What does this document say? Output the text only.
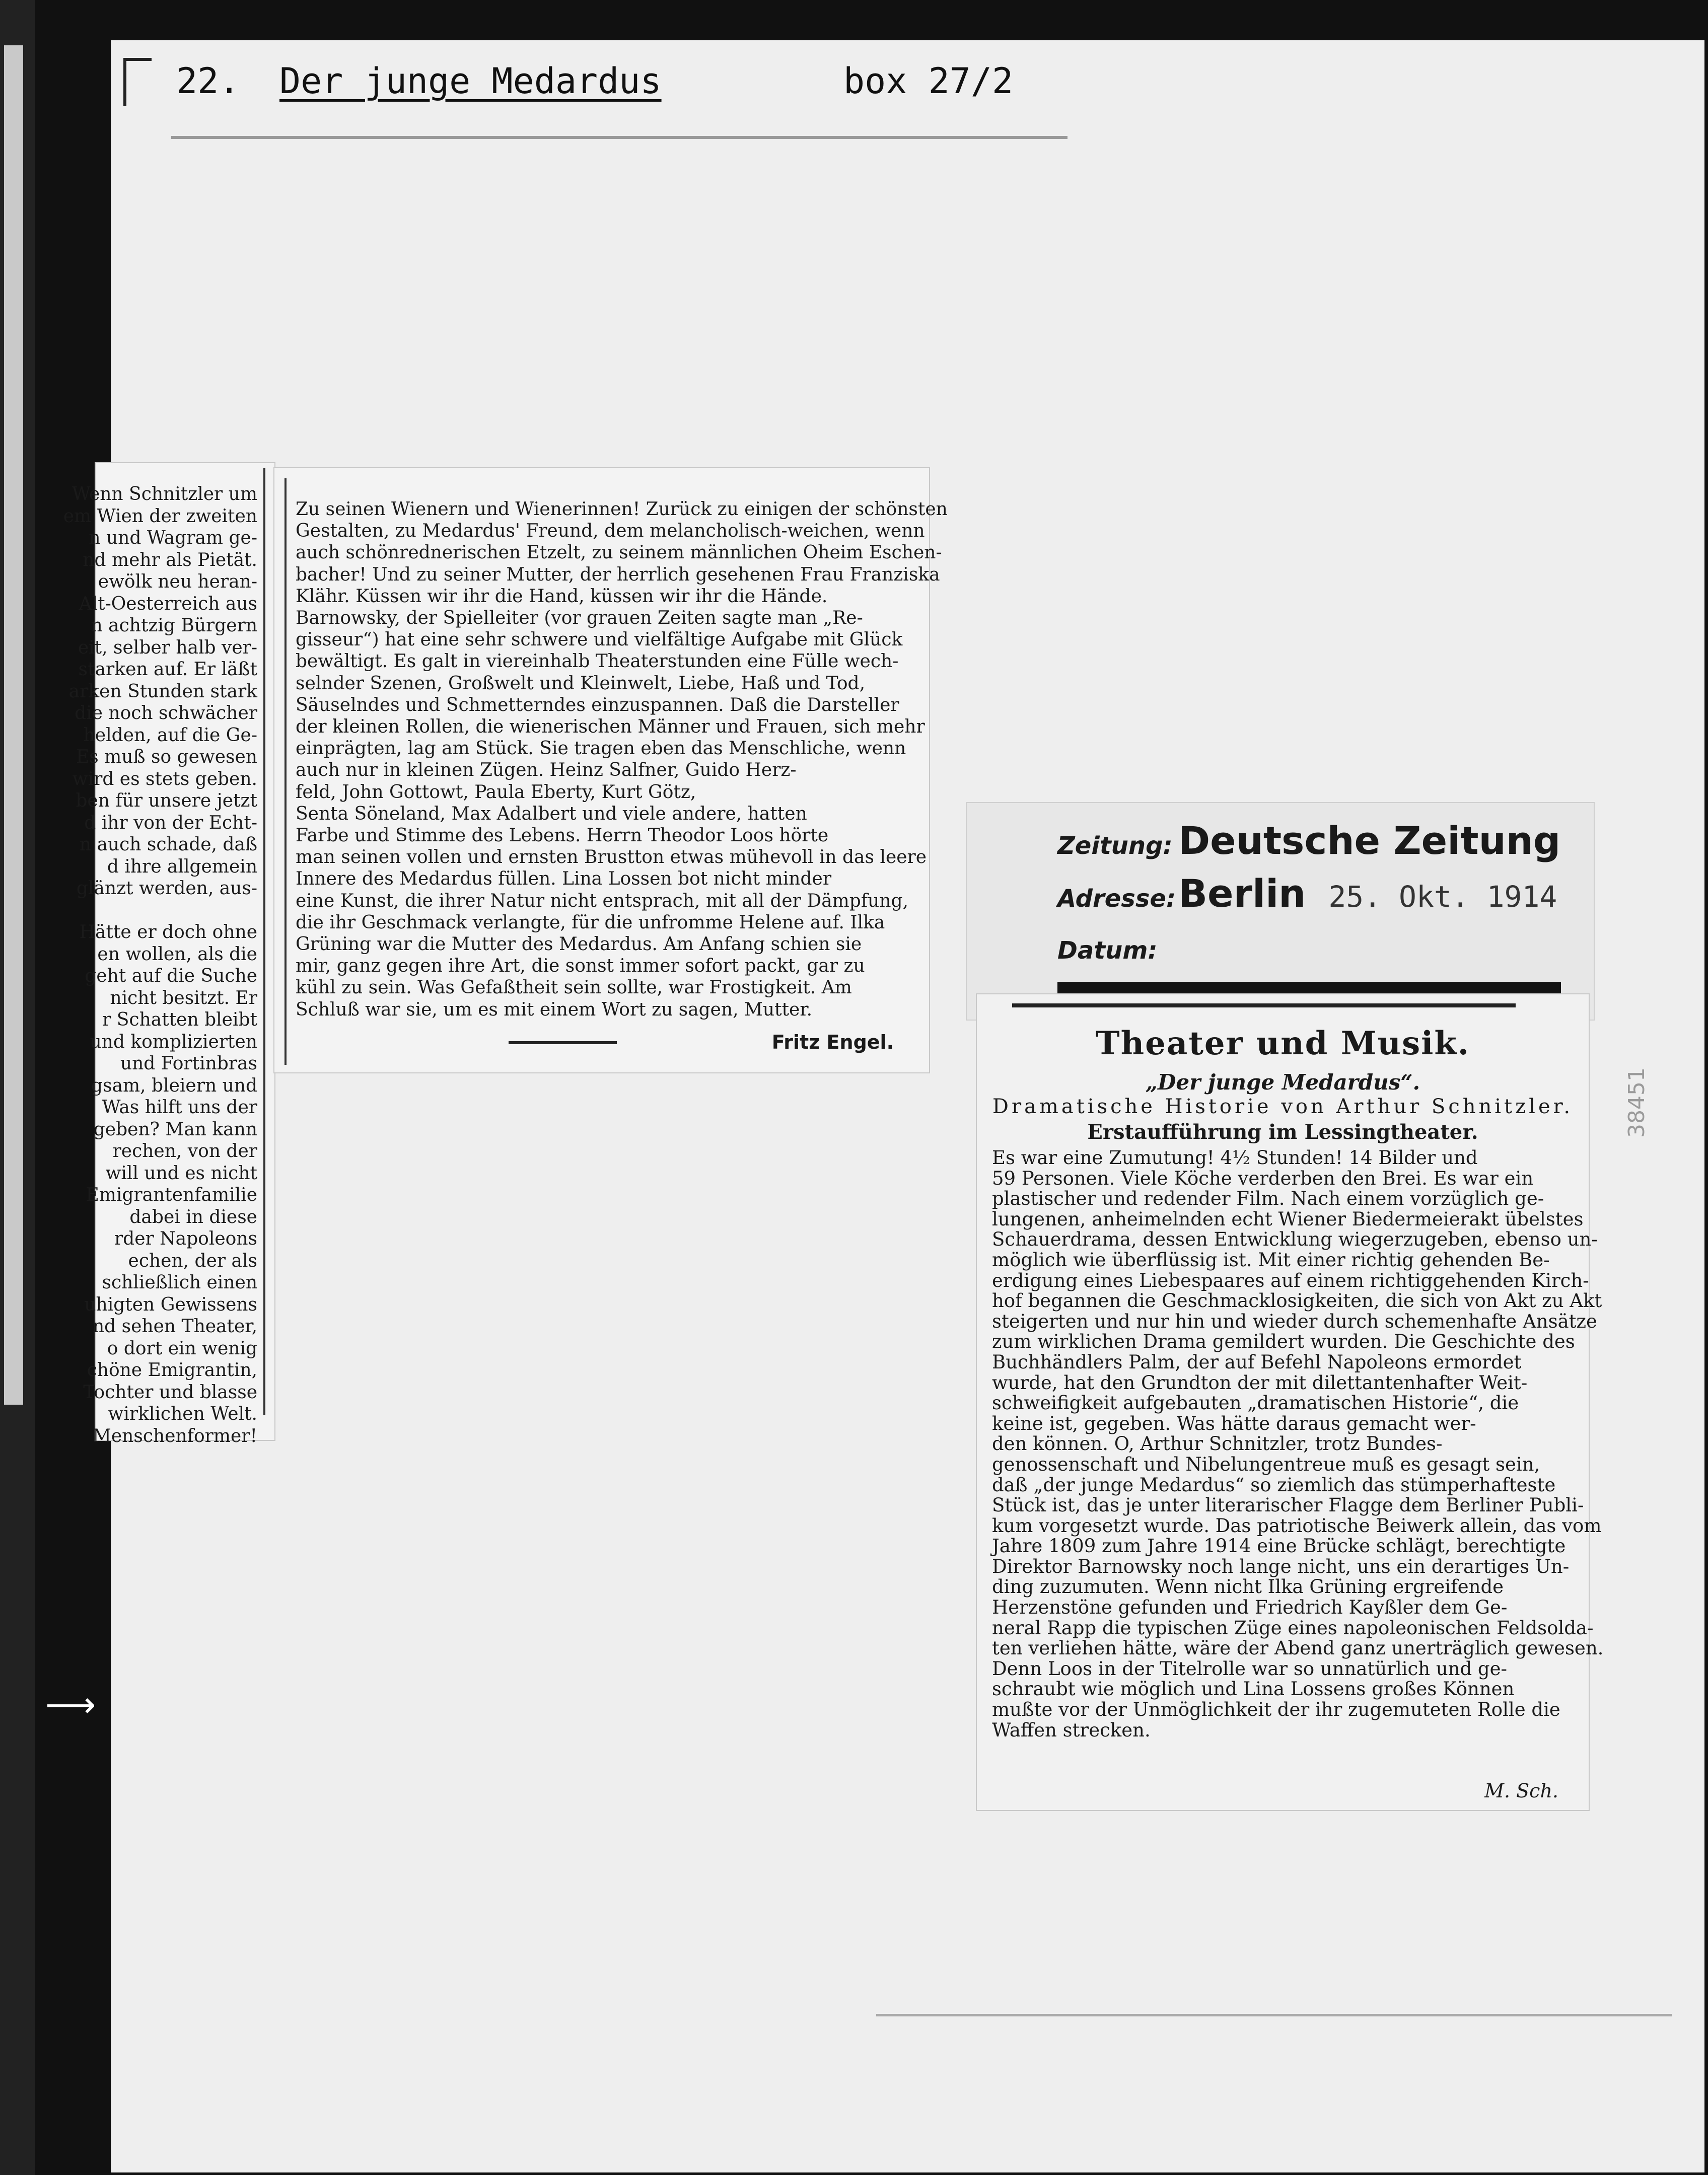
22. Der junge Medardus	box 27/2
Wenn Schnitzler um
em Wien der zweiten
n und Wagram ge-
nd mehr als Pietät.
ewölk neu heran-
Alt-Oesterreich aus
n achtzig Bürgern
eit, selber halb ver-
starken auf. Er läßt
arken Stunden stark
die noch schwächer
helden, auf die Ge-
Es muß so gewesen
wird es stets geben.
ben für unsere jetzt
d ihr von der Echt-
n auch schade, daß
d ihre allgemein
glänzt werden, aus-

Hätte er doch ohne
en wollen, als die
geht auf die Suche
nicht besitzt. Er
r Schatten bleibt
und komplizierten
und Fortinbras
gsam, bleiern und
Was hilft uns der
geben? Man kann
rechen, von der
will und es nicht
Emigrantenfamilie
dabei in diese
rder Napoleons
echen, der als
schließlich einen
uhigten Gewissens
nd sehen Theater,
o dort ein wenig
chöne Emigrantin,
Tochter und blasse
wirklichen Welt.
Menschenformer!

Zu seinen Wienern und Wienerinnen! Zurück zu einigen der schönsten

Gestalten, zu Medardus' Freund, dem melancholisch-weichen, wenn

auch schönrednerischen Etzelt, zu seinem männlichen Oheim Eschen-

bacher! Und zu seiner Mutter, der herrlich gesehenen Frau Franziska

Klähr. Küssen wir ihr die Hand, küssen wir ihr die Hände.

Barnowsky, der Spielleiter (vor grauen Zeiten sagte man „Re-

gisseur“) hat eine sehr schwere und vielfältige Aufgabe mit Glück

bewältigt. Es galt in viereinhalb Theaterstunden eine Fülle wech-

selnder Szenen, Großwelt und Kleinwelt, Liebe, Haß und Tod,

Säuselndes und Schmetterndes einzuspannen. Daß die Darsteller

der kleinen Rollen, die wienerischen Männer und Frauen, sich mehr

einprägten, lag am Stück. Sie tragen eben das Menschliche, wenn

auch nur in kleinen Zügen. Heinz Salfner, Guido Herz-

feld, John Gottowt, Paula Eberty, Kurt Götz,

Senta Söneland, Max Adalbert und viele andere, hatten

Farbe und Stimme des Lebens. Herrn Theodor Loos hörte

man seinen vollen und ernsten Brustton etwas mühevoll in das leere

Innere des Medardus füllen. Lina Lossen bot nicht minder

eine Kunst, die ihrer Natur nicht entsprach, mit all der Dämpfung,

die ihr Geschmack verlangte, für die unfromme Helene auf. Ilka

Grüning war die Mutter des Medardus. Am Anfang schien sie

mir, ganz gegen ihre Art, die sonst immer sofort packt, gar zu

kühl zu sein. Was Gefaßtheit sein sollte, war Frostigkeit. Am

Schluß war sie, um es mit einem Wort zu sagen, Mutter.

Fritz Engel.
Zeitung: Deutsche Zeitung
Adresse: Berlin 25. Okt. 1914
Datum:
Theater und Musik.
„Der junge Medardus“.
Dramatische Historie von Arthur Schnitzler.
Erstaufführung im Lessingtheater.

Es war eine Zumutung! 4½ Stunden! 14 Bilder und

59 Personen. Viele Köche verderben den Brei. Es war ein

plastischer und redender Film. Nach einem vorzüglich ge-

lungenen, anheimelnden echt Wiener Biedermeierakt übelstes

Schauerdrama, dessen Entwicklung wiegerzugeben, ebenso un-

möglich wie überflüssig ist. Mit einer richtig gehenden Be-

erdigung eines Liebespaares auf einem richtiggehenden Kirch-

hof begannen die Geschmacklosigkeiten, die sich von Akt zu Akt

steigerten und nur hin und wieder durch schemenhafte Ansätze

zum wirklichen Drama gemildert wurden. Die Geschichte des

Buchhändlers Palm, der auf Befehl Napoleons ermordet

wurde, hat den Grundton der mit dilettantenhafter Weit-

schweifigkeit aufgebauten „dramatischen Historie“, die

keine ist, gegeben. Was hätte daraus gemacht wer-

den können. O, Arthur Schnitzler, trotz Bundes-

genossenschaft und Nibelungentreue muß es gesagt sein,

daß „der junge Medardus“ so ziemlich das stümperhafteste

Stück ist, das je unter literarischer Flagge dem Berliner Publi-

kum vorgesetzt wurde. Das patriotische Beiwerk allein, das vom

Jahre 1809 zum Jahre 1914 eine Brücke schlägt, berechtigte

Direktor Barnowsky noch lange nicht, uns ein derartiges Un-

ding zuzumuten. Wenn nicht Ilka Grüning ergreifende

Herzenstöne gefunden und Friedrich Kayßler dem Ge-

neral Rapp die typischen Züge eines napoleonischen Feldsolda-

ten verliehen hätte, wäre der Abend ganz unerträglich gewesen.

Denn Loos in der Titelrolle war so unnatürlich und ge-

schraubt wie möglich und Lina Lossens großes Können

mußte vor der Unmöglichkeit der ihr zugemuteten Rolle die

Waffen strecken.

M. Sch.
38451
⟶
